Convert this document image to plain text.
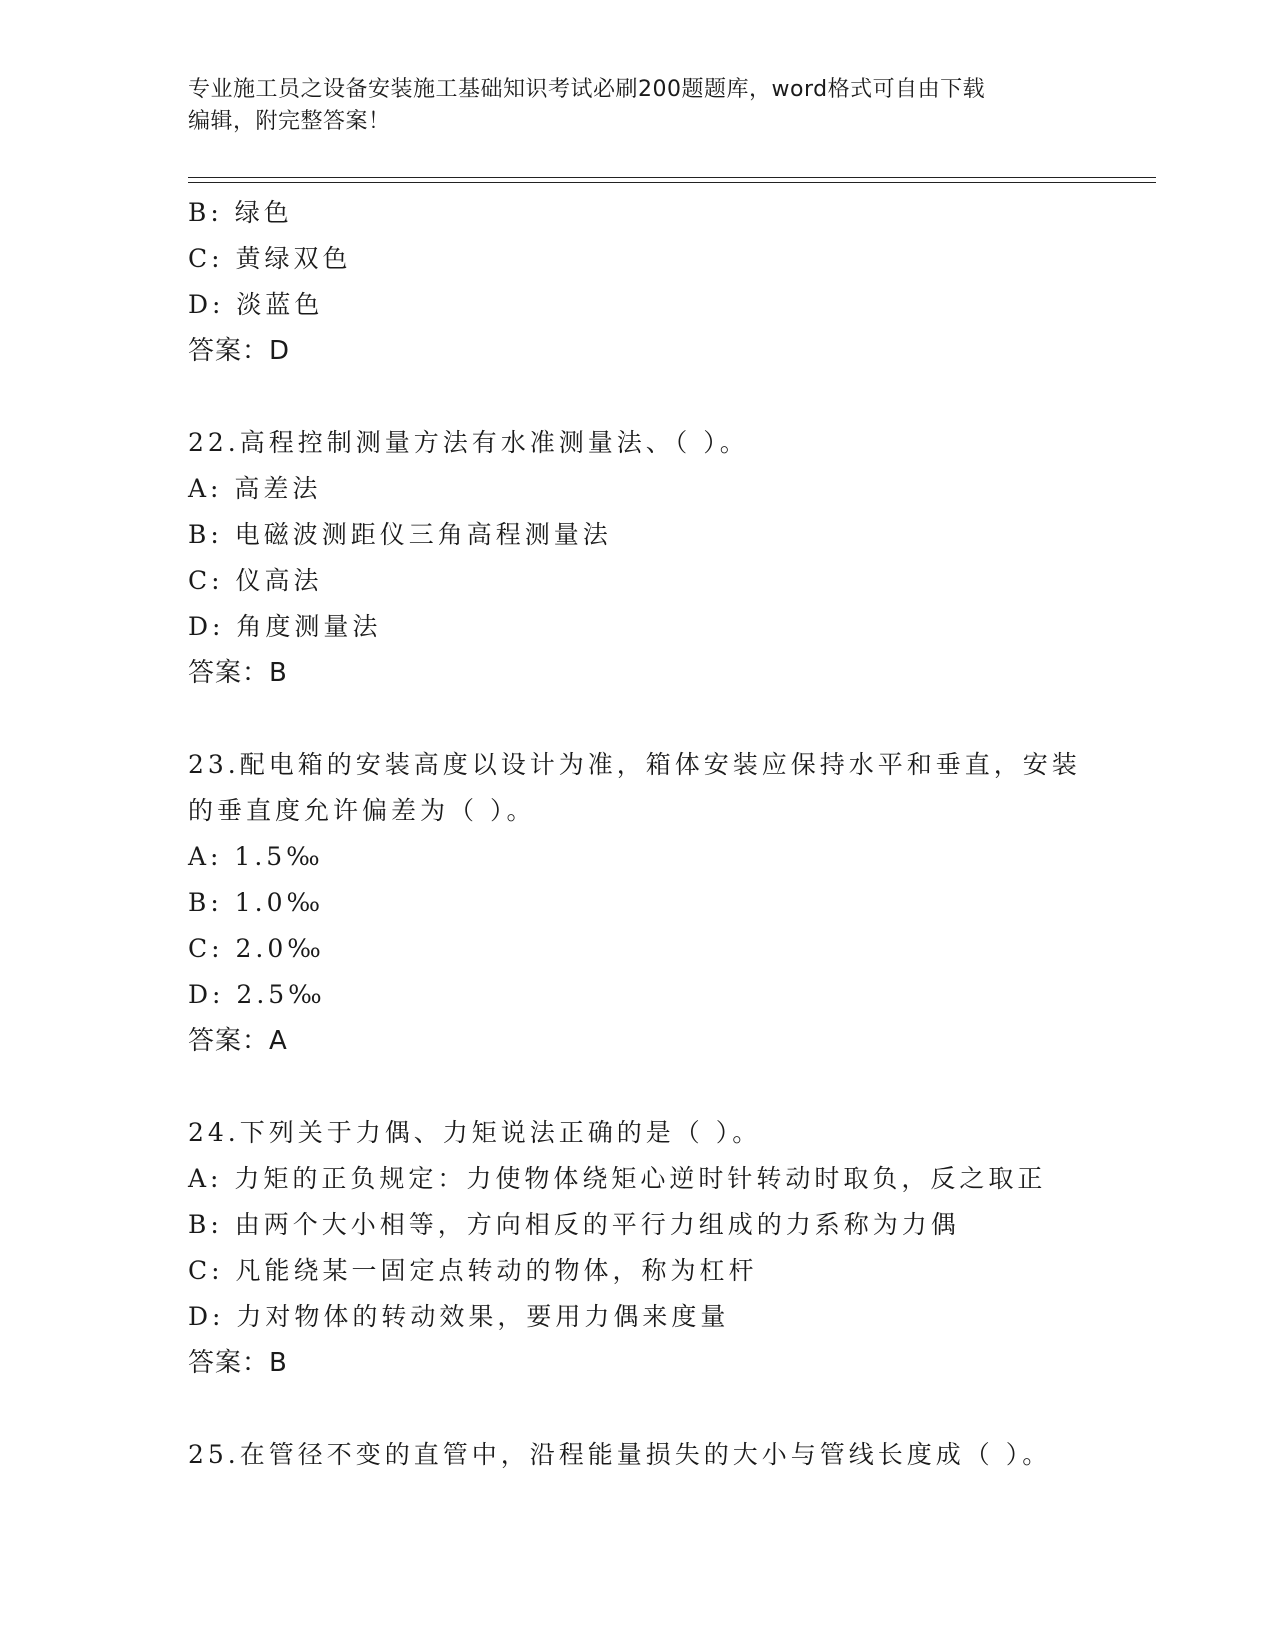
专业施工员之设备安装施工基础知识考试必刷200题题库，word格式可自由下载
编辑，附完整答案！
B: 绿色
C: 黄绿双色
D: 淡蓝色
答案：D
22.高程控制测量方法有水准测量法、（ ）。
A: 高差法
B: 电磁波测距仪三角高程测量法
C: 仪高法
D: 角度测量法
答案：B
23.配电箱的安装高度以设计为准，箱体安装应保持水平和垂直，安装
的垂直度允许偏差为（ ）。
A: 1.5‰
B: 1.0‰
C: 2.0‰
D: 2.5‰
答案：A
24.下列关于力偶、力矩说法正确的是（ ）。
A: 力矩的正负规定：力使物体绕矩心逆时针转动时取负，反之取正
B: 由两个大小相等，方向相反的平行力组成的力系称为力偶
C: 凡能绕某一固定点转动的物体，称为杠杆
D: 力对物体的转动效果，要用力偶来度量
答案：B
25.在管径不变的直管中，沿程能量损失的大小与管线长度成（ ）。
